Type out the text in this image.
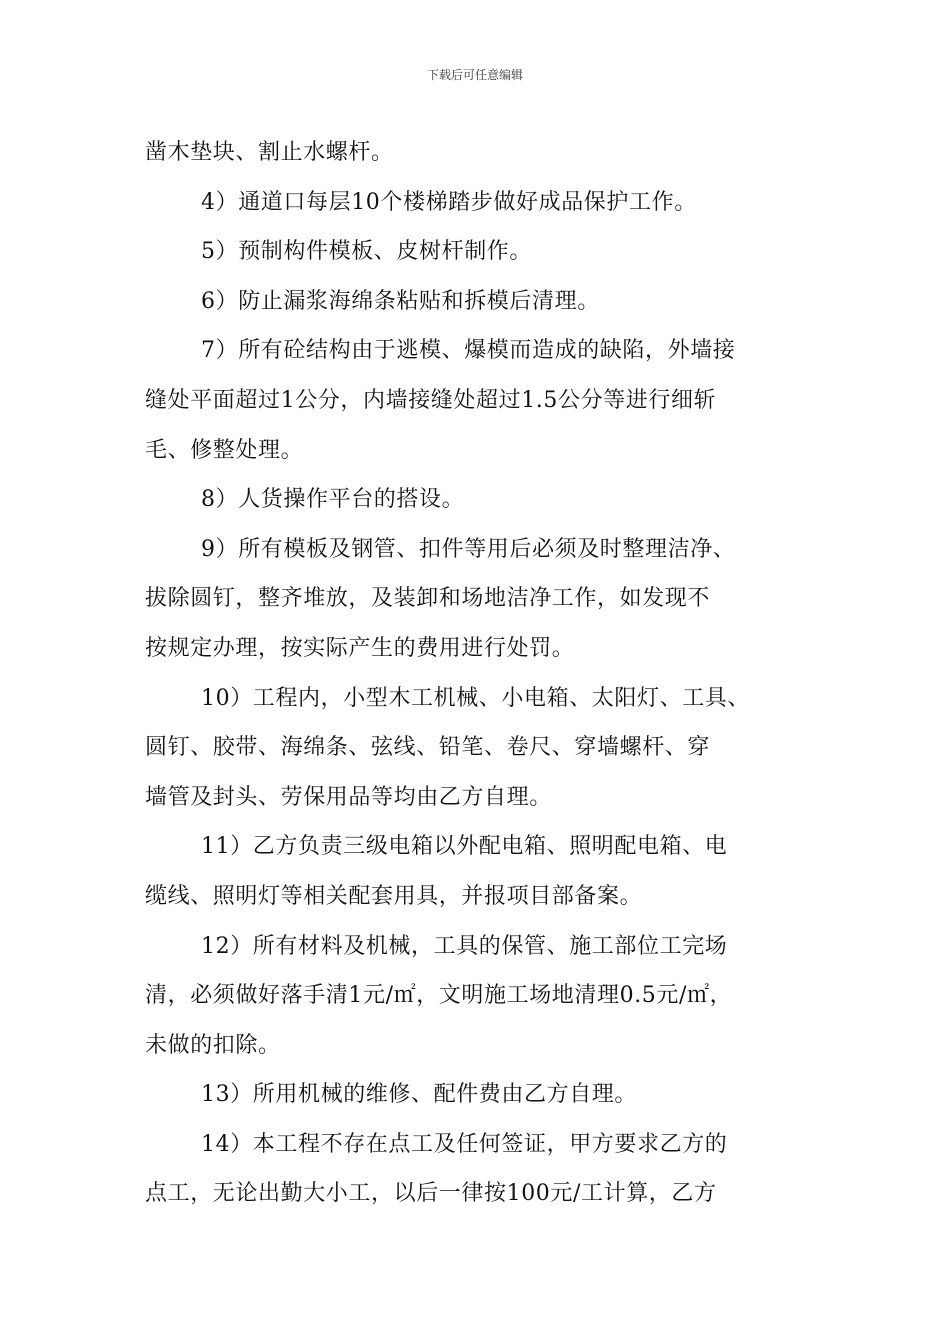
下载后可任意编辑
凿木垫块、割止水螺杆。
4）通道口每层10个楼梯踏步做好成品保护工作。
5）预制构件模板、皮树杆制作。
6）防止漏浆海绵条粘贴和拆模后清理。
7）所有砼结构由于逃模、爆模而造成的缺陷，外墙接
缝处平面超过1公分，内墙接缝处超过1.5公分等进行细斩
毛、修整处理。
8）人货操作平台的搭设。
9）所有模板及钢管、扣件等用后必须及时整理洁净、
拔除圆钉，整齐堆放，及装卸和场地洁净工作，如发现不
按规定办理，按实际产生的费用进行处罚。
10）工程内，小型木工机械、小电箱、太阳灯、工具、
圆钉、胶带、海绵条、弦线、铅笔、卷尺、穿墙螺杆、穿
墙管及封头、劳保用品等均由乙方自理。
11）乙方负责三级电箱以外配电箱、照明配电箱、电
缆线、照明灯等相关配套用具，并报项目部备案。
12）所有材料及机械，工具的保管、施工部位工完场
清，必须做好落手清1元/㎡，文明施工场地清理0.5元/㎡，
未做的扣除。
13）所用机械的维修、配件费由乙方自理。
14）本工程不存在点工及任何签证，甲方要求乙方的
点工，无论出勤大小工，以后一律按100元/工计算，乙方
